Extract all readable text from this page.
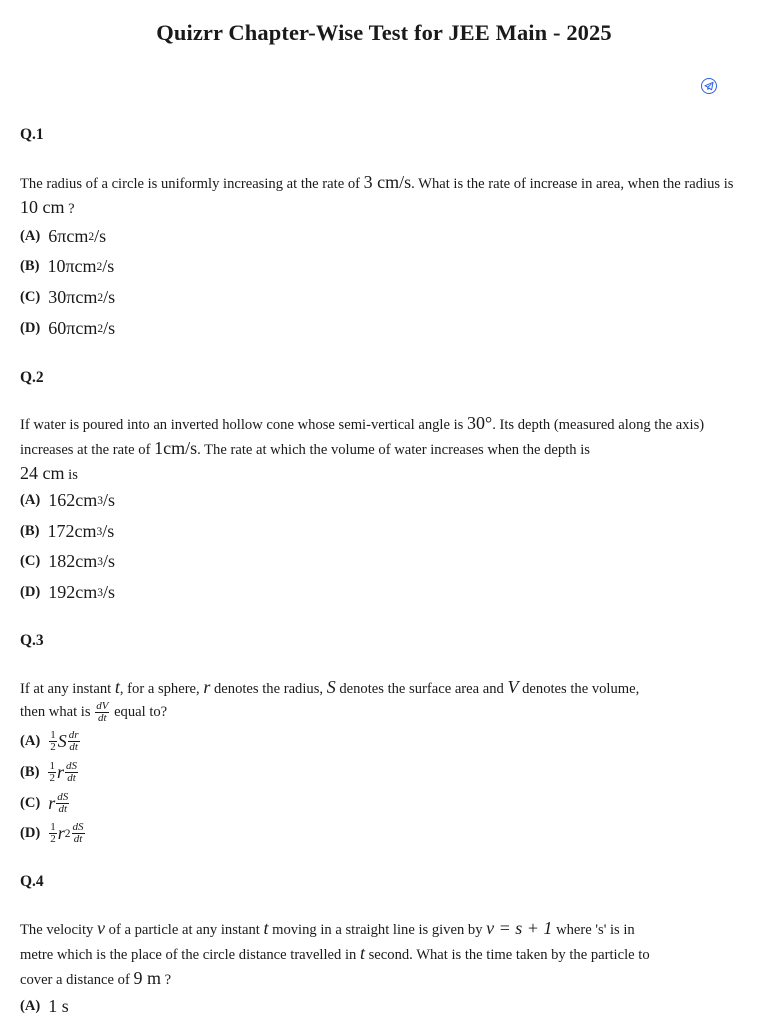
Quizrr Chapter-Wise Test for JEE Main - 2025
Q.1
The radius of a circle is uniformly increasing at the rate of 3 cm/s. What is the rate of increase in area, when the radius is 10 cm ?
(A) 6 πcm 2 /s
(B) 10 πcm 2 /s
(C) 30 πcm 2 /s
(D) 60 πcm 2 /s
Q.2
If water is poured into an inverted hollow cone whose semi-vertical angle is 30°. Its depth (measured along the axis) increases at the rate of 1cm/s. The rate at which the volume of water increases when the depth is
24 cm is
(A) 162 cm 3 /s
(B) 172 cm 3 /s
(C) 182 cm 3 /s
(D) 192 cm 3 /s
Q.3
If at any instant t, for a sphere, r denotes the radius, S denotes the surface area and V denotes the volume,
then what is $\frac{dV}{dt}$ equal to?
$(A) \frac{1}{2}$ S $\frac{dr}{dt}$
$(B) \frac{1}{2}$ r $\frac{dS}{dt}$
(C) r $\frac{dS}{dt}$
$(D) \frac{1}{2}$ r $2 \frac{dS}{dt}$
Q.4
The velocity v of a particle at any instant t moving in a straight line is given by v = s + 1 where 's' is in
metre which is the place of the circle distance travelled in t second. What is the time taken by the particle to
cover a distance of 9 m ?
(A) 1 s
